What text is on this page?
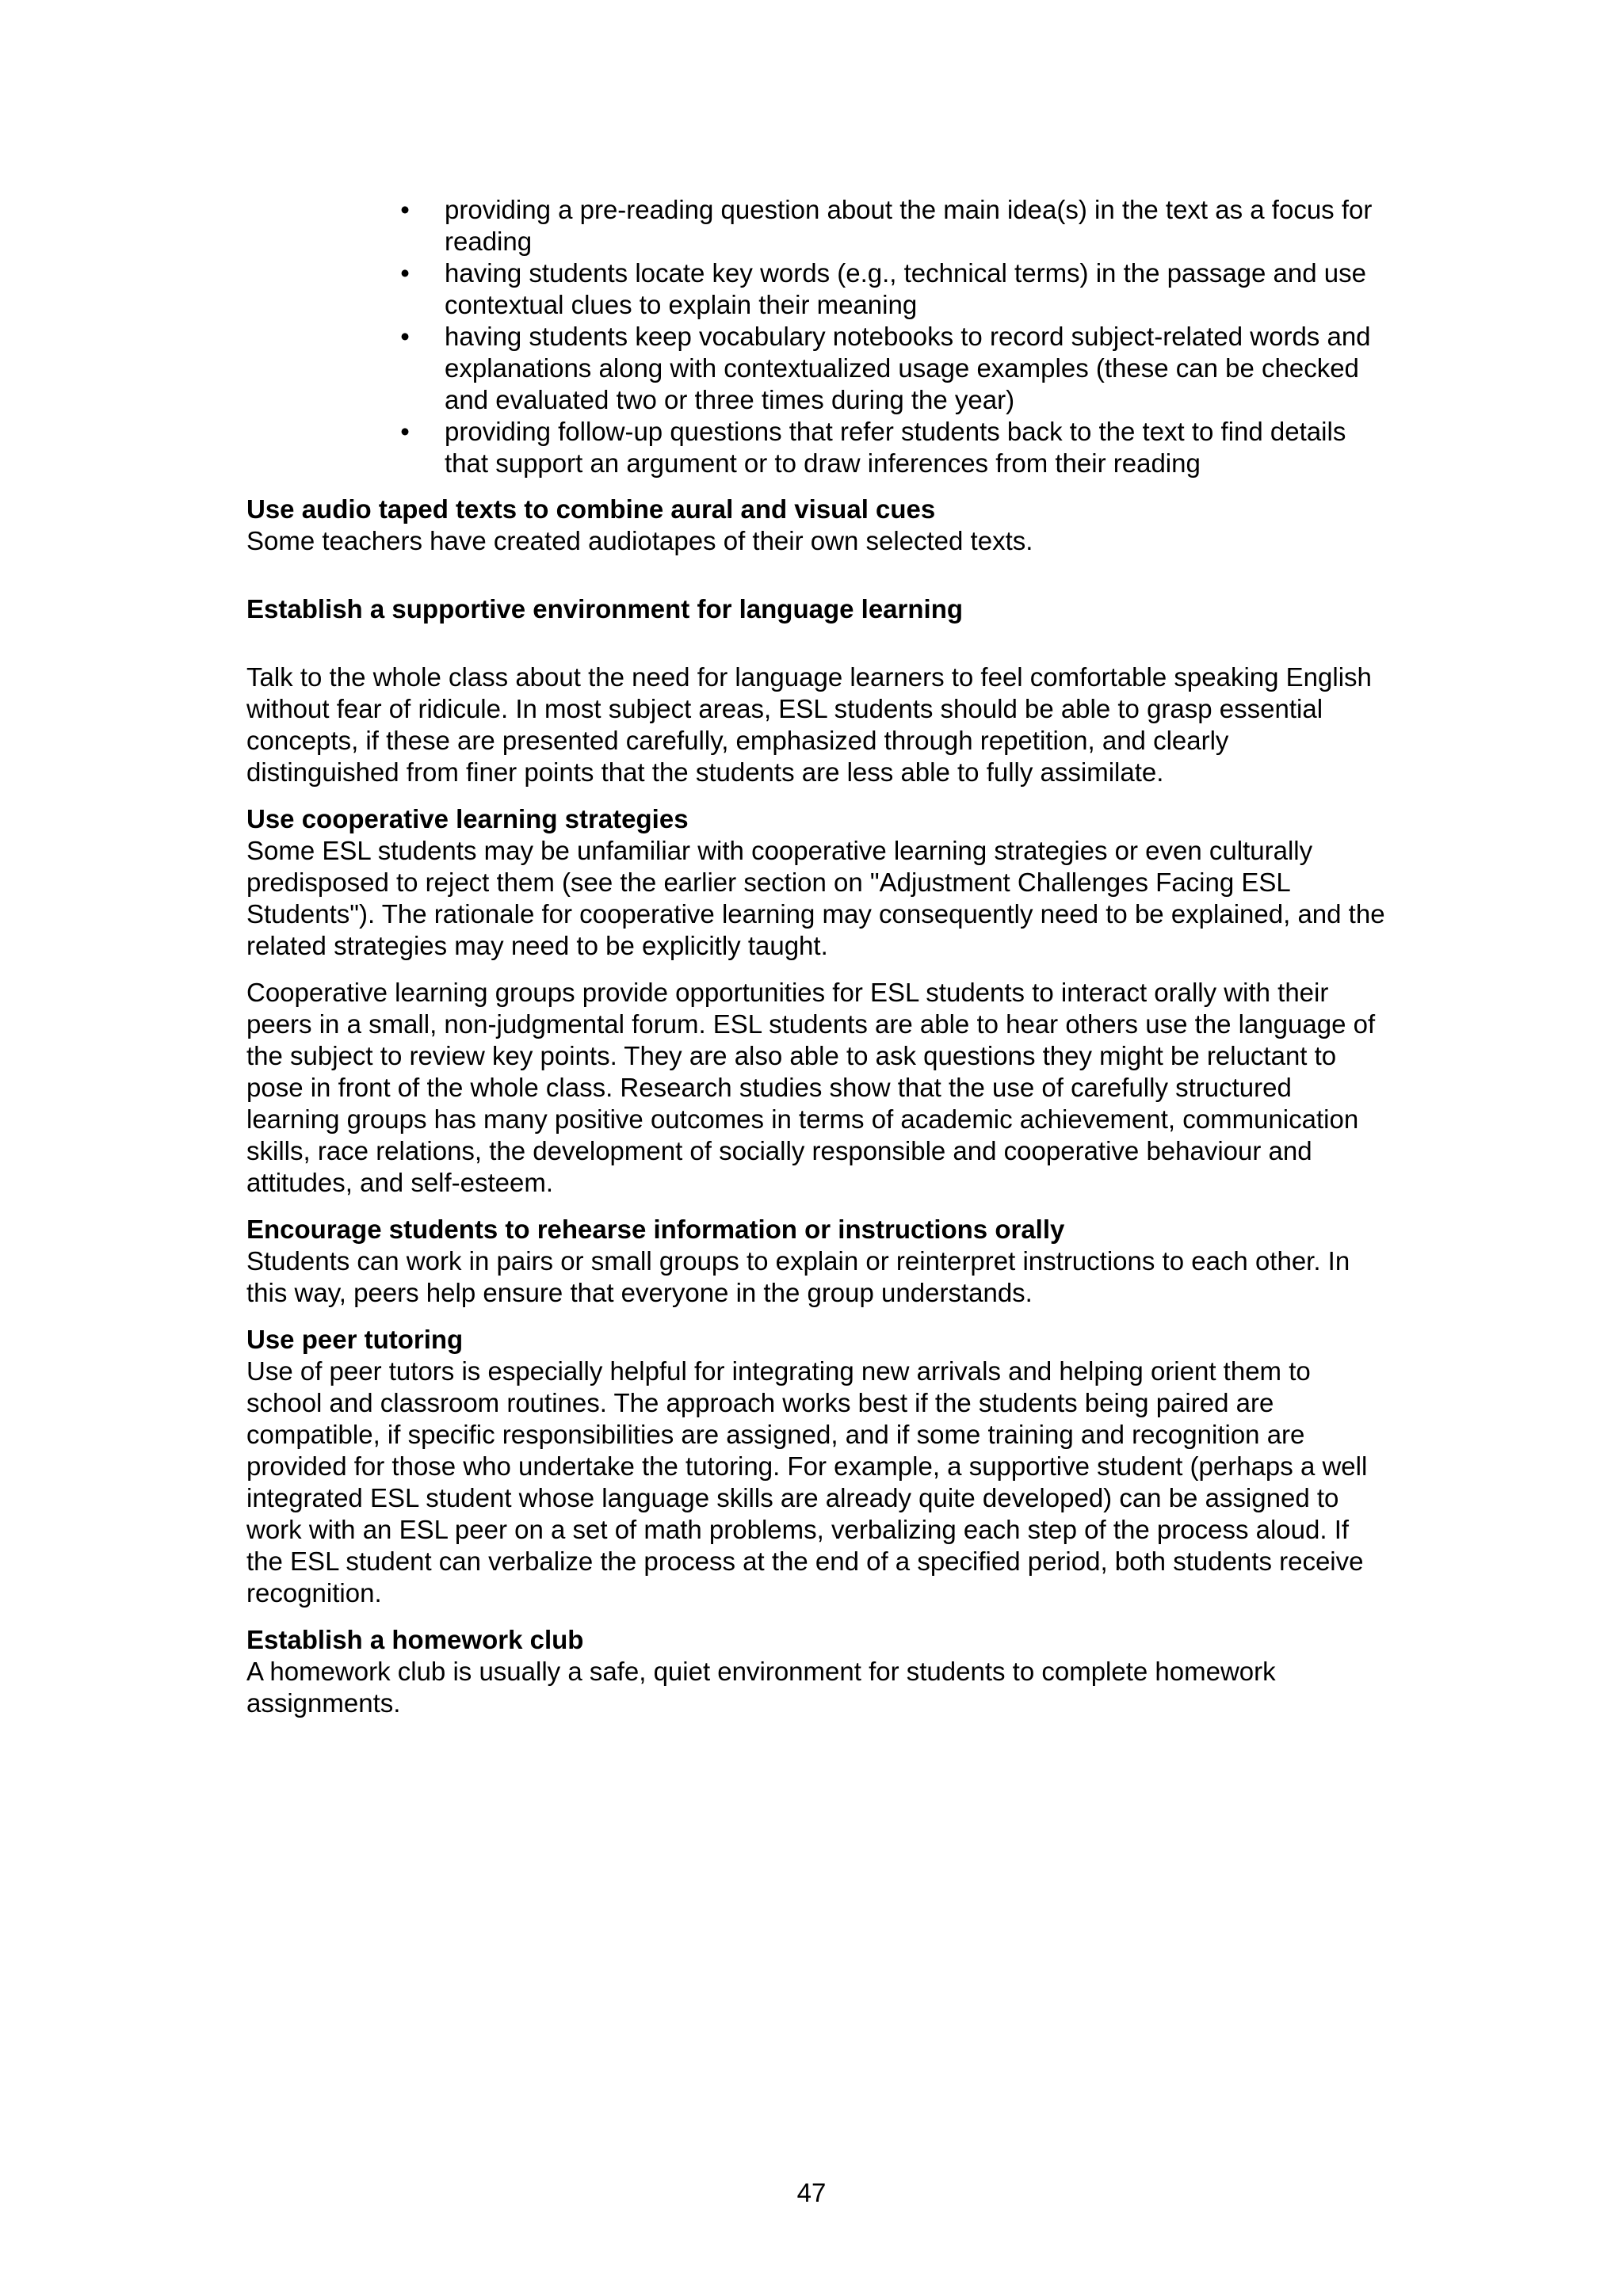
• providing a pre-reading question about the main idea(s) in the text as a focus for reading
• having students locate key words (e.g., technical terms) in the passage and use contextual clues to explain their meaning
• having students keep vocabulary notebooks to record subject-related words and explanations along with contextualized usage examples (these can be checked and evaluated two or three times during the year)
• providing follow-up questions that refer students back to the text to find details that support an argument or to draw inferences from their reading

Use audio taped texts to combine aural and visual cues

Some teachers have created audiotapes of their own selected texts.

Establish a supportive environment for language learning

Talk to the whole class about the need for language learners to feel comfortable speaking English without fear of ridicule. In most subject areas, ESL students should be able to grasp essential concepts, if these are presented carefully, emphasized through repetition, and clearly distinguished from finer points that the students are less able to fully assimilate.

Use cooperative learning strategies

Some ESL students may be unfamiliar with cooperative learning strategies or even culturally predisposed to reject them (see the earlier section on "Adjustment Challenges Facing ESL Students"). The rationale for cooperative learning may consequently need to be explained, and the related strategies may need to be explicitly taught.

Cooperative learning groups provide opportunities for ESL students to interact orally with their peers in a small, non-judgmental forum. ESL students are able to hear others use the language of the subject to review key points. They are also able to ask questions they might be reluctant to pose in front of the whole class. Research studies show that the use of carefully structured learning groups has many positive outcomes in terms of academic achievement, communication skills, race relations, the development of socially responsible and cooperative behaviour and attitudes, and self-esteem.

Encourage students to rehearse information or instructions orally

Students can work in pairs or small groups to explain or reinterpret instructions to each other. In this way, peers help ensure that everyone in the group understands.

Use peer tutoring

Use of peer tutors is especially helpful for integrating new arrivals and helping orient them to school and classroom routines. The approach works best if the students being paired are compatible, if specific responsibilities are assigned, and if some training and recognition are provided for those who undertake the tutoring. For example, a supportive student (perhaps a well integrated ESL student whose language skills are already quite developed) can be assigned to work with an ESL peer on a set of math problems, verbalizing each step of the process aloud. If the ESL student can verbalize the process at the end of a specified period, both students receive recognition.

Establish a homework club

A homework club is usually a safe, quiet environment for students to complete homework assignments.

47
